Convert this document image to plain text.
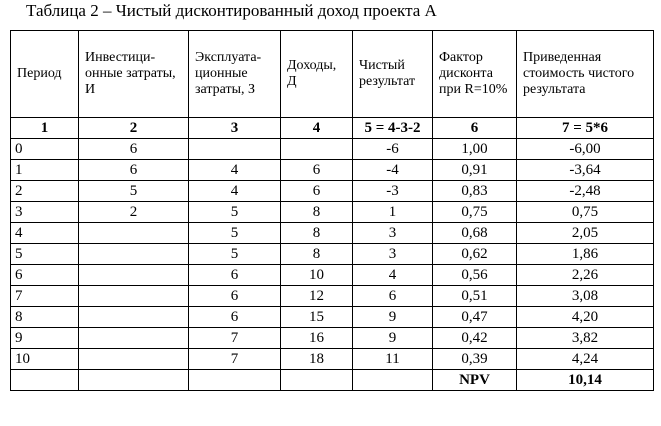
Таблица 2 – Чистый дисконтированный доход проекта А
Период	Инвестици-онные затраты, И	Эксплуата-ционные затраты, З	Доходы, Д	Чистый результат	Фактор дисконта при R=10%	Приведенная стоимость чистого результата
1	2	3	4	5 = 4-3-2	6	7 = 5*6
0	6			-6	1,00	-6,00
1	6	4	6	-4	0,91	-3,64
2	5	4	6	-3	0,83	-2,48
3	2	5	8	1	0,75	0,75
4		5	8	3	0,68	2,05
5		5	8	3	0,62	1,86
6		6	10	4	0,56	2,26
7		6	12	6	0,51	3,08
8		6	15	9	0,47	4,20
9		7	16	9	0,42	3,82
10		7	18	11	0,39	4,24
					NPV	10,14
